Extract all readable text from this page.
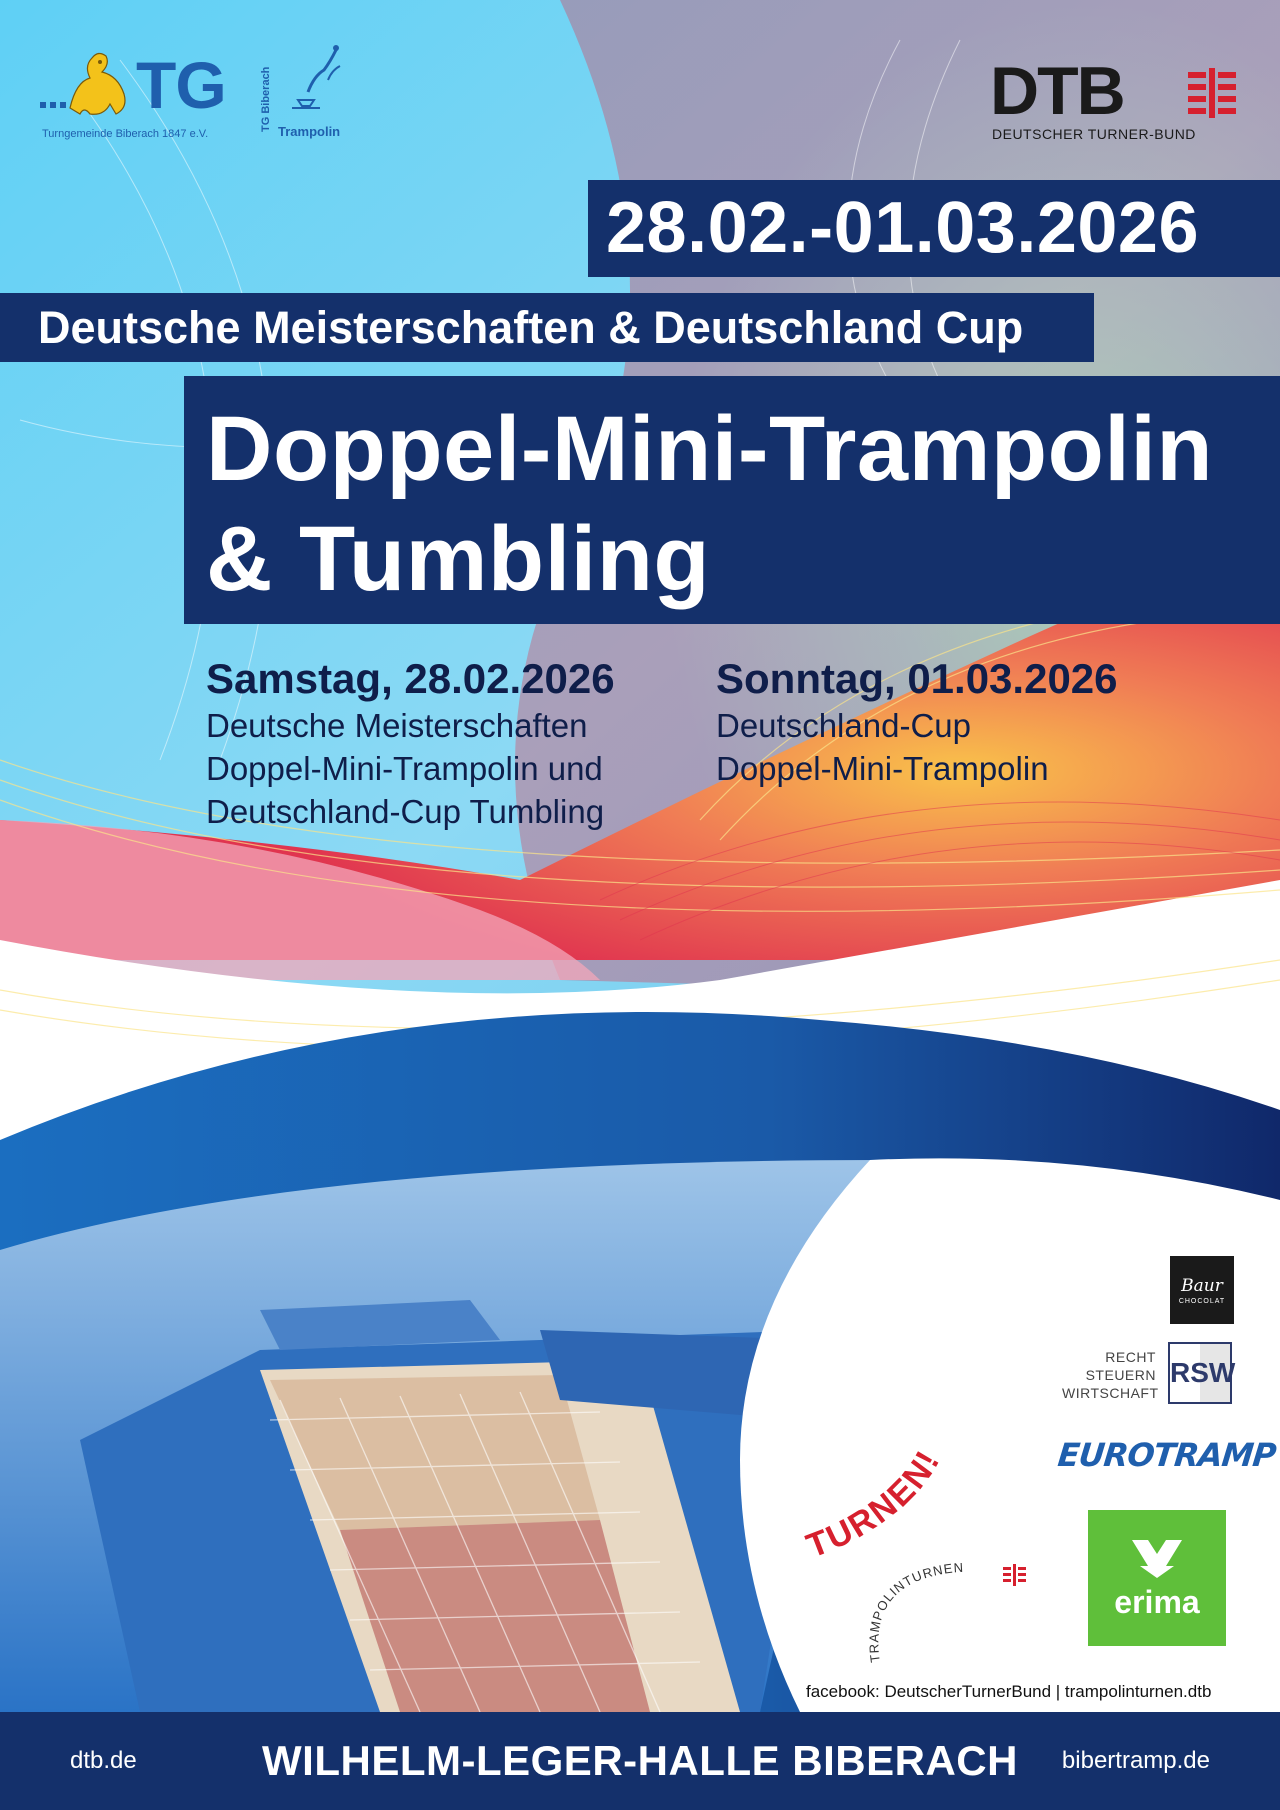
TG
Turngemeinde Biberach 1847 e.V.
TG Biberach Trampolin
DTB
DEUTSCHER TURNER-BUND
28.02.-01.03.2026
Deutsche Meisterschaften & Deutschland Cup
Doppel-Mini-Trampolin
& Tumbling
Samstag, 28.02.2026
Deutsche Meisterschaften
Doppel-Mini-Trampolin und
Deutschland-Cup Tumbling
Sonntag, 01.03.2026
Deutschland-Cup
Doppel-Mini-Trampolin
Baur
CHOCOLAT
RECHT
STEUERN
WIRTSCHAFT
RSW
EUROTRAMP
TURNEN!
TRAMPOLINTURNEN
erima
facebook: DeutscherTurnerBund | trampolinturnen.dtb
dtb.de	WILHELM-LEGER-HALLE BIBERACH	bibertramp.de
